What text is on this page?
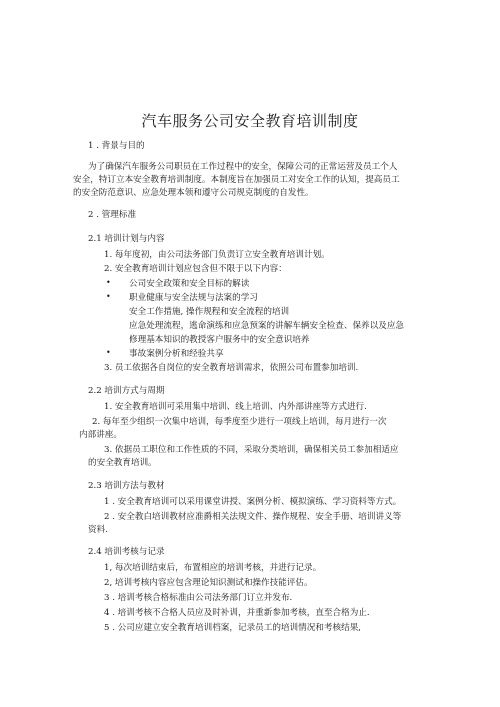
汽车服务公司安全教育培训制度
1 . 背景与目的
为了确保汽车服务公司职员在工作过程中的安全，保障公司的正常运营及员工个人
安全，特订立本安全教育培训制度。本制度旨在加强员工对安全工作的认知，提高员工
的安全防范意识、应急处理本领和遵守公司规克制度的自发性。
2 . 管理标准
2.1 培训计划与内容
1. 每年度初，由公司法务部门负责订立安全教育培训计划。
2. 安全教育培训计划应包含但不限于以下内容：
• 公司安全政策和安全目标的解读
• 职业健康与安全法规与法案的学习
安全工作措施, 操作规程和安全流程的培训
应急处理流程，逃命演练和应急预案的讲解车辆安全检查、保养以及应急
修理基本知识的教授客户服务中的安全意识培养
• 事故案例分析和经验共享
3. 员工依据各自岗位的安全教育培训需求，依照公司布置参加培训.
2.2 培训方式与周期
1. 安全教育培训可采用集中培训、线上培训、内外部讲座等方式进行.
2. 每年至少组织一次集中培训，每季度至少进行一项线上培训，每月进行一次
内部讲座。
3. 依据员工职位和工作性质的不同，采取分类培训，确保相关员工参加相适应
的安全教育培训。
2.3 培训方法与教材
1 . 安全教育培训可以采用课堂讲授、案例分析、模拟演练、学习资料等方式。
2 . 安全教白培训教材应准爵相关法规文件、操作规程、安全手册、培训讲义等
资料.
2.4 培训考核与记录
1, 每次培训结束后，布置相应的培训考核，并进行记录。
2, 培训考核内容应包含理论知识测试和操作技能评估。
3 . 培训考核合格标准由公司法务部门订立并发布.
4 . 培训考核不合格人员应及时补训，并重新参加考核，直至合格为止.
5 . 公司应建立安全教育培训档案，记录员工的培训情况和考核结果,
